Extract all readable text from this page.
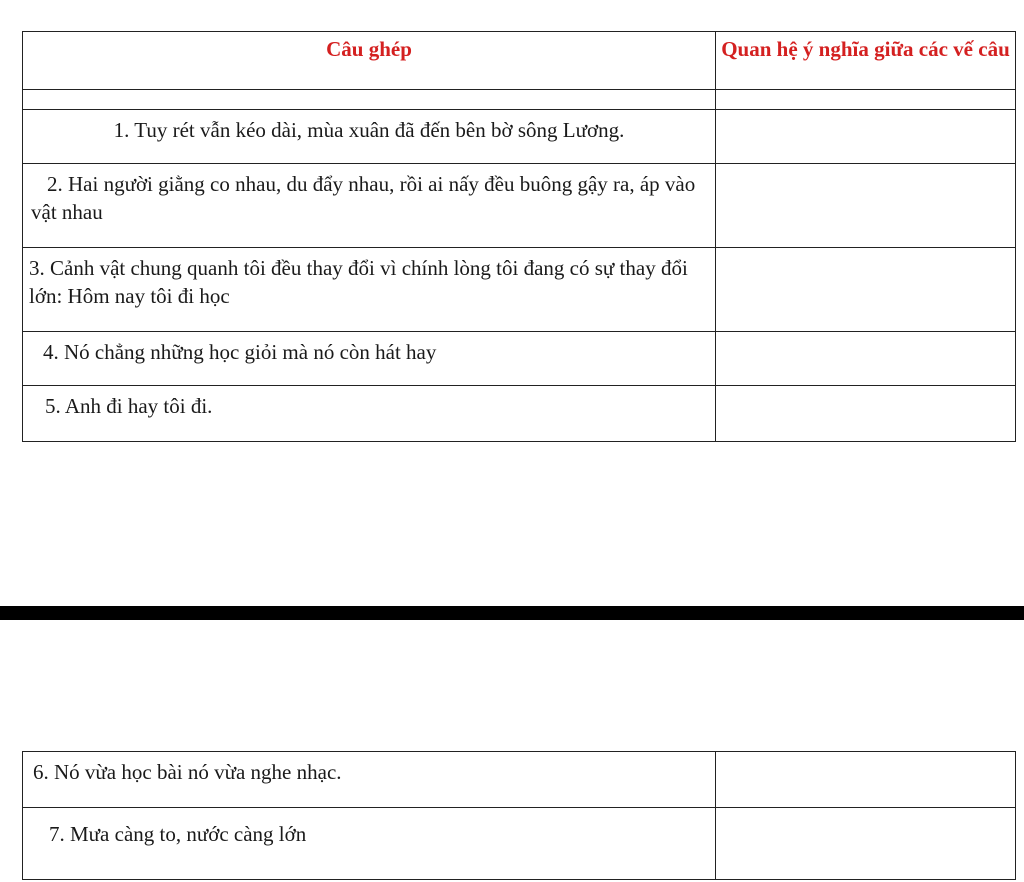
Câu ghép	Quan hệ ý nghĩa giữa các vế câu

1. Tuy rét vẫn kéo dài, mùa xuân đã đến bên bờ sông Lương.	

2. Hai người giằng co nhau, du đẩy nhau, rồi ai nấy đều buông gậy ra, áp vào vật nhau	

3. Cảnh vật chung quanh tôi đều thay đổi vì chính lòng tôi đang có sự thay đổi lớn: Hôm nay tôi đi học	

4. Nó chẳng những học giỏi mà nó còn hát hay	

5. Anh đi hay tôi đi.	

6. Nó vừa học bài nó vừa nghe nhạc.	

7. Mưa càng to, nước càng lớn	
